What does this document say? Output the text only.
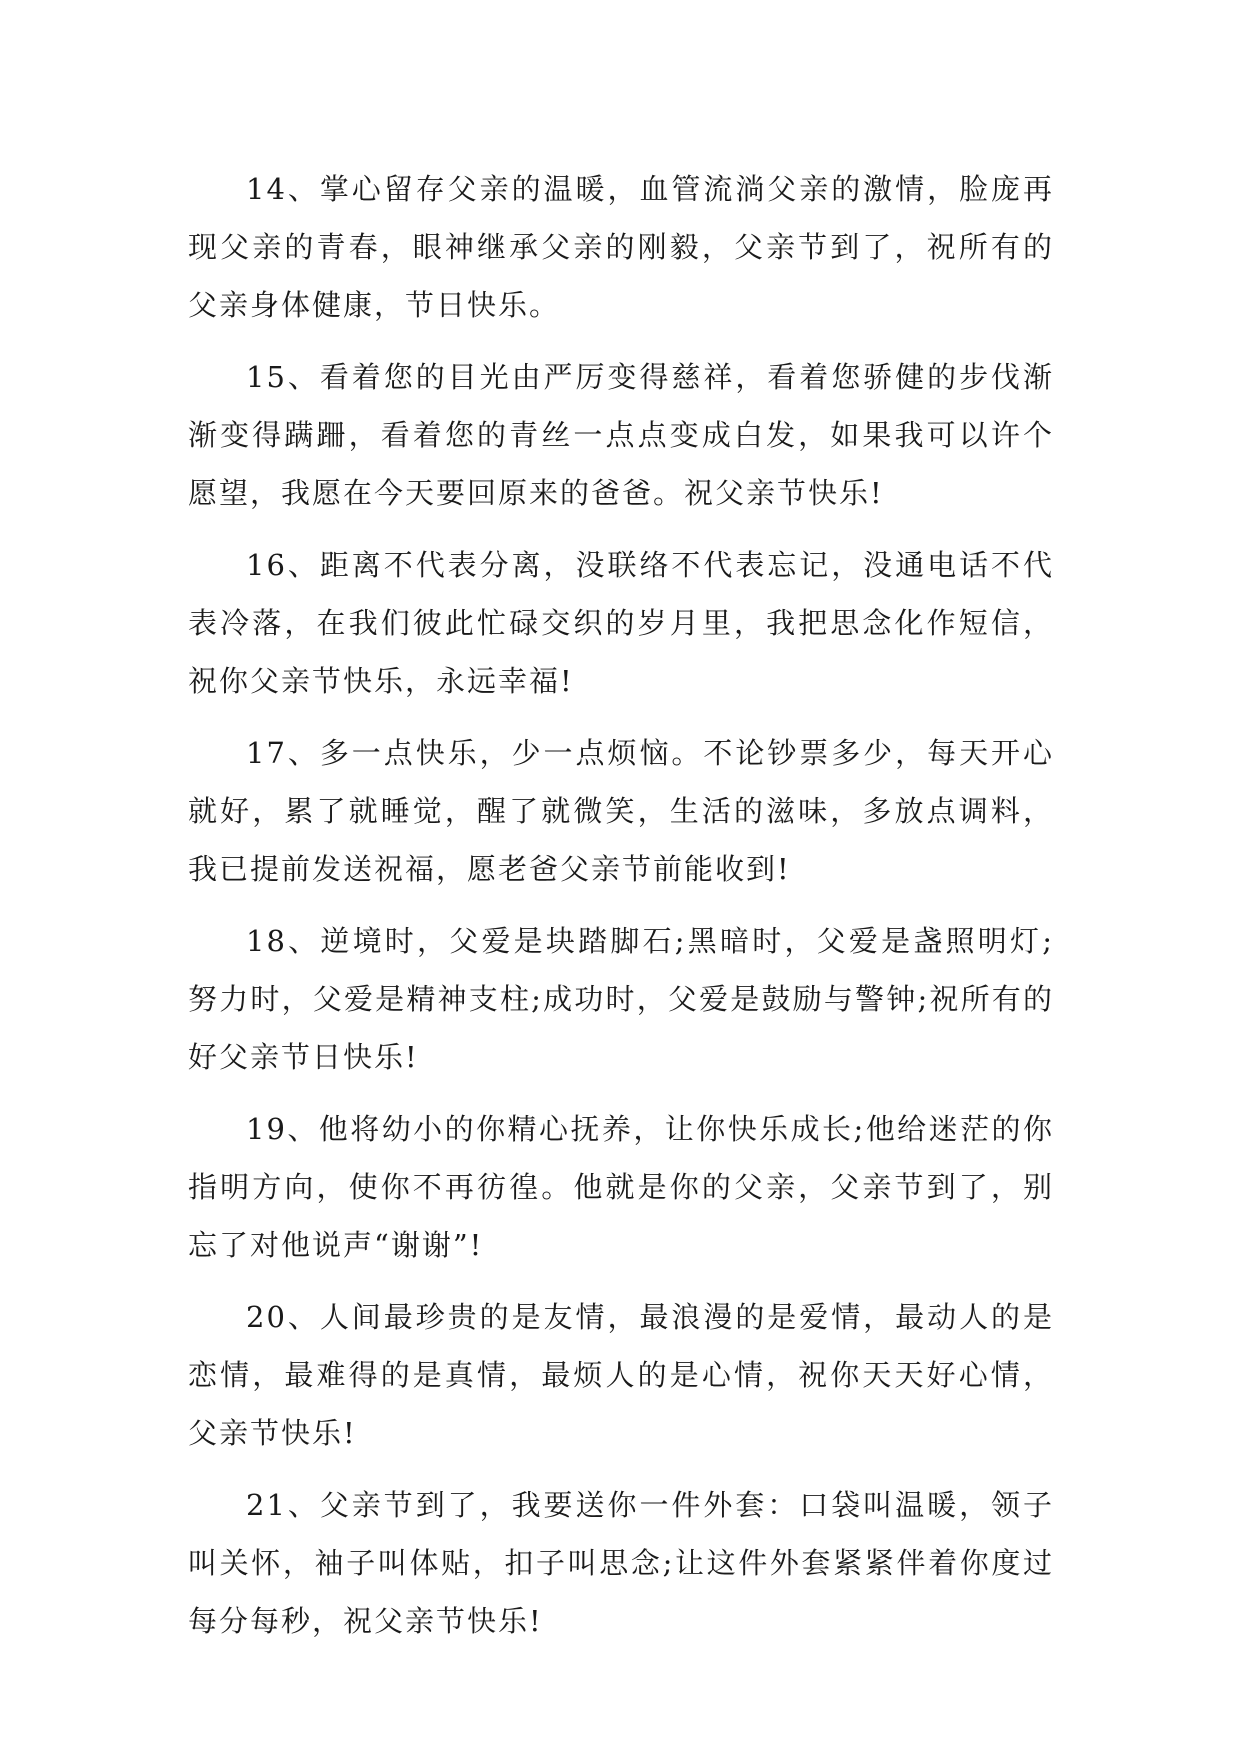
14、掌心留存父亲的温暖，血管流淌父亲的激情，脸庞再现父亲的青春，眼神继承父亲的刚毅，父亲节到了，祝所有的父亲身体健康，节日快乐。

15、看着您的目光由严厉变得慈祥，看着您骄健的步伐渐渐变得蹒跚，看着您的青丝一点点变成白发，如果我可以许个愿望，我愿在今天要回原来的爸爸。祝父亲节快乐!

16、距离不代表分离，没联络不代表忘记，没通电话不代表冷落，在我们彼此忙碌交织的岁月里，我把思念化作短信，祝你父亲节快乐，永远幸福!

17、多一点快乐，少一点烦恼。不论钞票多少，每天开心就好，累了就睡觉，醒了就微笑，生活的滋味，多放点调料，我已提前发送祝福，愿老爸父亲节前能收到!

18、逆境时，父爱是块踏脚石;黑暗时，父爱是盏照明灯;努力时，父爱是精神支柱;成功时，父爱是鼓励与警钟;祝所有的好父亲节日快乐!

19、他将幼小的你精心抚养，让你快乐成长;他给迷茫的你指明方向，使你不再彷徨。他就是你的父亲，父亲节到了，别忘了对他说声“谢谢”!

20、人间最珍贵的是友情，最浪漫的是爱情，最动人的是恋情，最难得的是真情，最烦人的是心情，祝你天天好心情，父亲节快乐!

21、父亲节到了，我要送你一件外套：口袋叫温暖，领子叫关怀，袖子叫体贴，扣子叫思念;让这件外套紧紧伴着你度过每分每秒，祝父亲节快乐!
